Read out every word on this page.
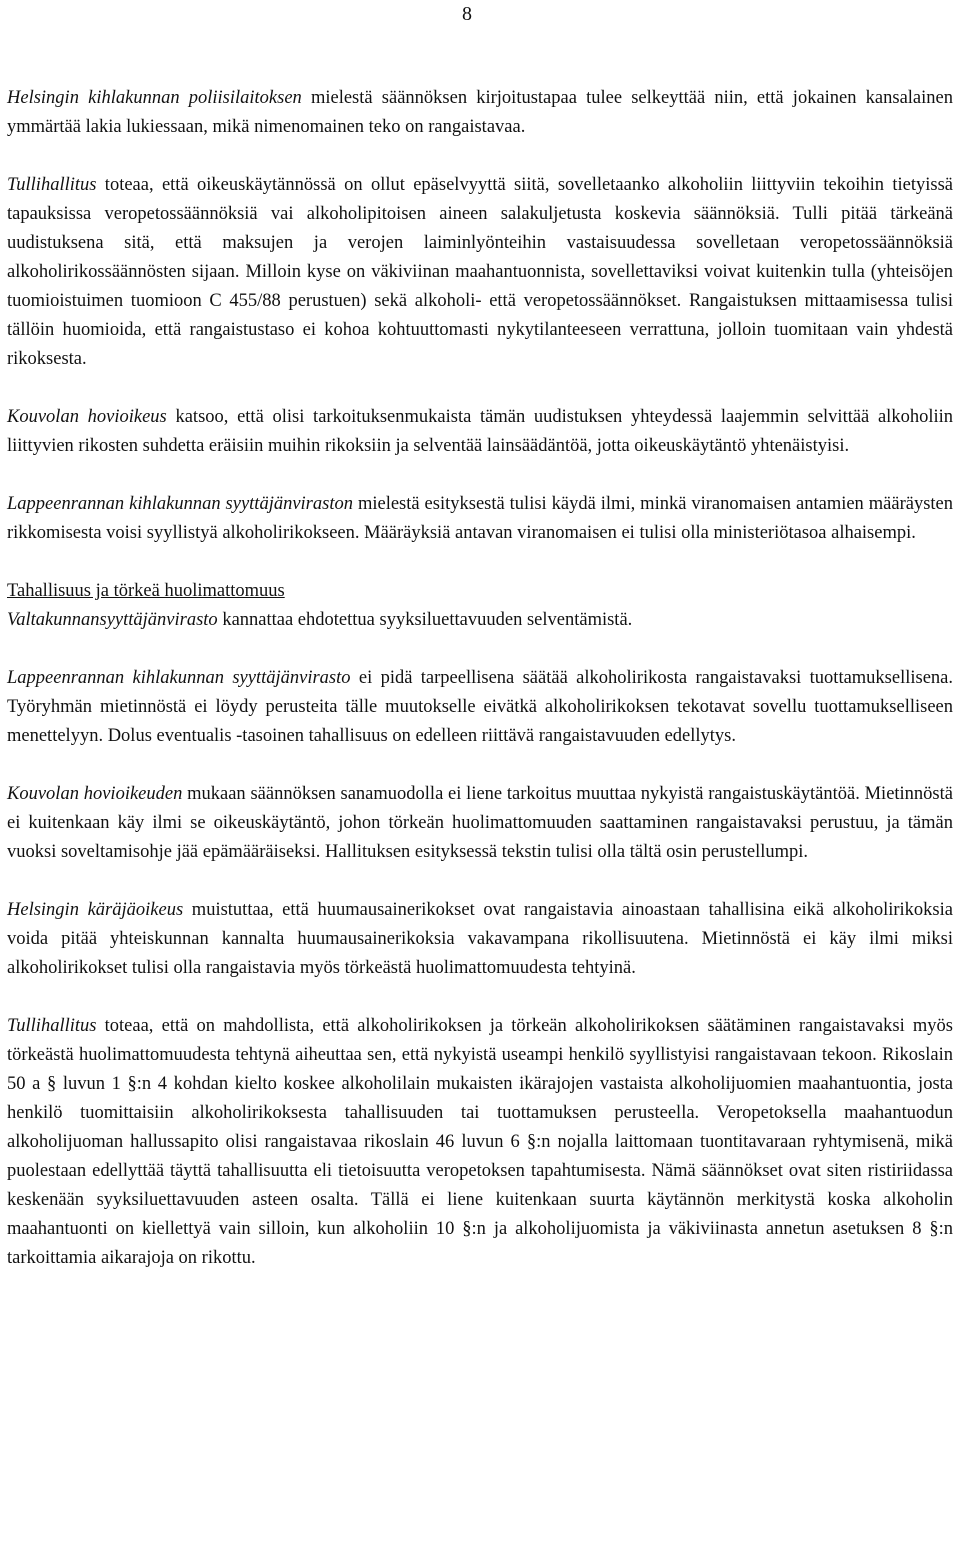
8

Helsingin kihlakunnan poliisilaitoksen mielestä säännöksen kirjoitustapaa tulee selkeyttää niin, että jokainen kansalainen ymmärtää lakia lukiessaan, mikä nimenomainen teko on rangaistavaa.

Tullihallitus toteaa, että oikeuskäytännössä on ollut epäselvyyttä siitä, sovelletaanko alkoholiin liittyviin tekoihin tietyissä tapauksissa veropetossäännöksiä vai alkoholipitoisen aineen salakuljetusta koskevia säännöksiä. Tulli pitää tärkeänä uudistuksena sitä, että maksujen ja verojen laiminlyönteihin vastaisuudessa sovelletaan veropetossäännöksiä alkoholirikossäännösten sijaan. Milloin kyse on väkiviinan maahantuonnista, sovellettaviksi voivat kuitenkin tulla (yhteisöjen tuomioistuimen tuomioon C 455/88 perustuen) sekä alkoholi- että veropetossäännökset. Rangaistuksen mittaamisessa tulisi tällöin huomioida, että rangaistustaso ei kohoa kohtuuttomasti nykytilanteeseen verrattuna, jolloin tuomitaan vain yhdestä rikoksesta.

Kouvolan hovioikeus katsoo, että olisi tarkoituksenmukaista tämän uudistuksen yhteydessä laajemmin selvittää alkoholiin liittyvien rikosten suhdetta eräisiin muihin rikoksiin ja selventää lainsäädäntöä, jotta oikeuskäytäntö yhtenäistyisi.

Lappeenrannan kihlakunnan syyttäjänviraston mielestä esityksestä tulisi käydä ilmi, minkä viranomaisen antamien määräysten rikkomisesta voisi syyllistyä alkoholirikokseen. Määräyksiä antavan viranomaisen ei tulisi olla ministeriötasoa alhaisempi.

Tahallisuus ja törkeä huolimattomuus
Valtakunnansyyttäjänvirasto kannattaa ehdotettua syyksiluettavuuden selventämistä.

Lappeenrannan kihlakunnan syyttäjänvirasto ei pidä tarpeellisena säätää alkoholirikosta rangaistavaksi tuottamuksellisena. Työryhmän mietinnöstä ei löydy perusteita tälle muutokselle eivätkä alkoholirikoksen tekotavat sovellu tuottamukselliseen menettelyyn. Dolus eventualis -tasoinen tahallisuus on edelleen riittävä rangaistavuuden edellytys.

Kouvolan hovioikeuden mukaan säännöksen sanamuodolla ei liene tarkoitus muuttaa nykyistä rangaistuskäytäntöä. Mietinnöstä ei kuitenkaan käy ilmi se oikeuskäytäntö, johon törkeän huolimattomuuden saattaminen rangaistavaksi perustuu, ja tämän vuoksi soveltamisohje jää epämääräiseksi. Hallituksen esityksessä tekstin tulisi olla tältä osin perustellumpi.

Helsingin käräjäoikeus muistuttaa, että huumausainerikokset ovat rangaistavia ainoastaan tahallisina eikä alkoholirikoksia voida pitää yhteiskunnan kannalta huumausainerikoksia vakavampana rikollisuutena. Mietinnöstä ei käy ilmi miksi alkoholirikokset tulisi olla rangaistavia myös törkeästä huolimattomuudesta tehtyinä.

Tullihallitus toteaa, että on mahdollista, että alkoholirikoksen ja törkeän alkoholirikoksen säätäminen rangaistavaksi myös törkeästä huolimattomuudesta tehtynä aiheuttaa sen, että nykyistä useampi henkilö syyllistyisi rangaistavaan tekoon. Rikoslain 50 a § luvun 1 §:n 4 kohdan kielto koskee alkoholilain mukaisten ikärajojen vastaista alkoholijuomien maahantuontia, josta henkilö tuomittaisiin alkoholirikoksesta tahallisuuden tai tuottamuksen perusteella. Veropetoksella maahantuodun alkoholijuoman hallussapito olisi rangaistavaa rikoslain 46 luvun 6 §:n nojalla laittomaan tuontitavaraan ryhtymisenä, mikä puolestaan edellyttää täyttä tahallisuutta eli tietoisuutta veropetoksen tapahtumisesta. Nämä säännökset ovat siten ristiriidassa keskenään syyksiluettavuuden asteen osalta. Tällä ei liene kuitenkaan suurta käytännön merkitystä koska alkoholin maahantuonti on kiellettyä vain silloin, kun alkoholiin 10 §:n ja alkoholijuomista ja väkiviinasta annetun asetuksen 8 §:n tarkoittamia aikarajoja on rikottu.
